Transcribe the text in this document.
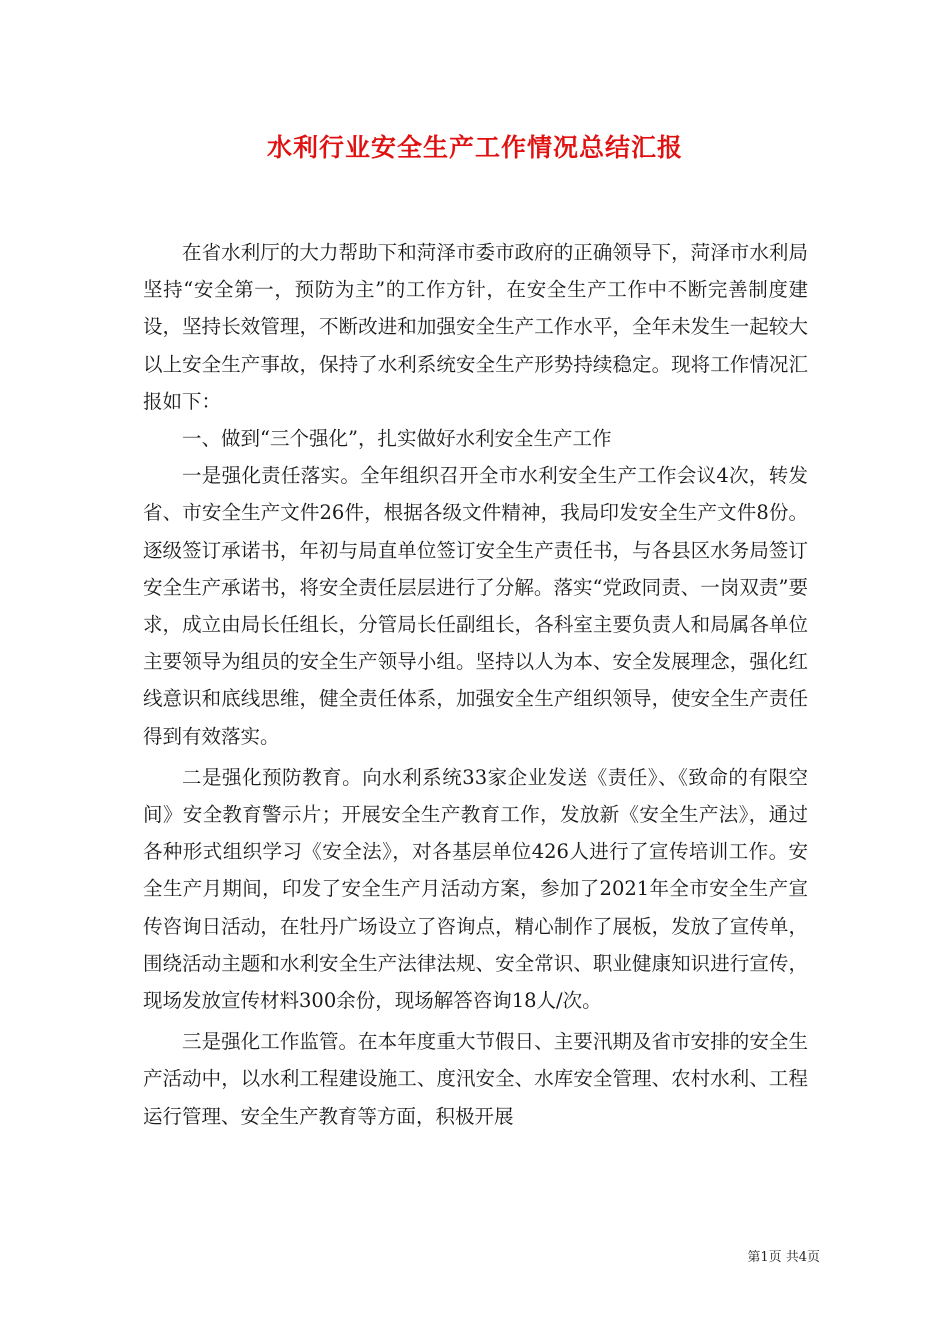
水利行业安全生产工作情况总结汇报

在省水利厅的大力帮助下和菏泽市委市政府的正确领导下，菏泽市水利局坚持“安全第一，预防为主”的工作方针，在安全生产工作中不断完善制度建设，坚持长效管理，不断改进和加强安全生产工作水平，全年未发生一起较大以上安全生产事故，保持了水利系统安全生产形势持续稳定。现将工作情况汇报如下：

一、做到“三个强化”，扎实做好水利安全生产工作

一是强化责任落实。全年组织召开全市水利安全生产工作会议4次，转发省、市安全生产文件26件，根据各级文件精神，我局印发安全生产文件8份。逐级签订承诺书，年初与局直单位签订安全生产责任书，与各县区水务局签订安全生产承诺书，将安全责任层层进行了分解。落实“党政同责、一岗双责”要求，成立由局长任组长，分管局长任副组长，各科室主要负责人和局属各单位主要领导为组员的安全生产领导小组。坚持以人为本、安全发展理念，强化红线意识和底线思维，健全责任体系，加强安全生产组织领导，使安全生产责任得到有效落实。

二是强化预防教育。向水利系统33家企业发送《责任》、《致命的有限空间》安全教育警示片；开展安全生产教育工作，发放新《安全生产法》，通过各种形式组织学习《安全法》，对各基层单位426人进行了宣传培训工作。安全生产月期间，印发了安全生产月活动方案，参加了2021年全市安全生产宣传咨询日活动，在牡丹广场设立了咨询点，精心制作了展板，发放了宣传单，围绕活动主题和水利安全生产法律法规、安全常识、职业健康知识进行宣传，现场发放宣传材料300余份，现场解答咨询18人/次。

三是强化工作监管。在本年度重大节假日、主要汛期及省市安排的安全生产活动中，以水利工程建设施工、度汛安全、水库安全管理、农村水利、工程运行管理、安全生产教育等方面，积极开展

第1页 共4页
